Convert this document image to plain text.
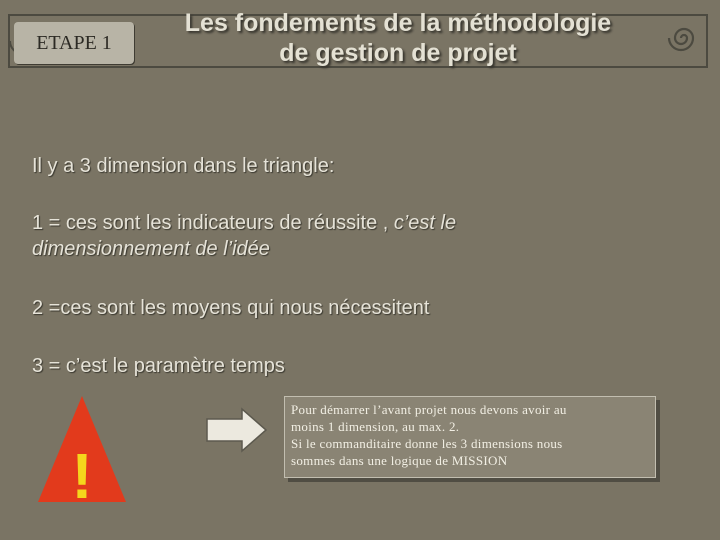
ETAPE 1
Les fondements de la méthodologie
de gestion de projet
Il y a 3 dimension dans le triangle:
1 = ces sont les indicateurs de réussite , c’est le dimensionnement de l’idée
2 =ces sont les moyens qui nous nécessitent
3 = c’est le paramètre temps
!
Pour démarrer l’avant projet nous devons avoir au
moins 1 dimension, au max. 2.
Si le commanditaire donne les 3 dimensions nous
sommes dans une logique de MISSION
